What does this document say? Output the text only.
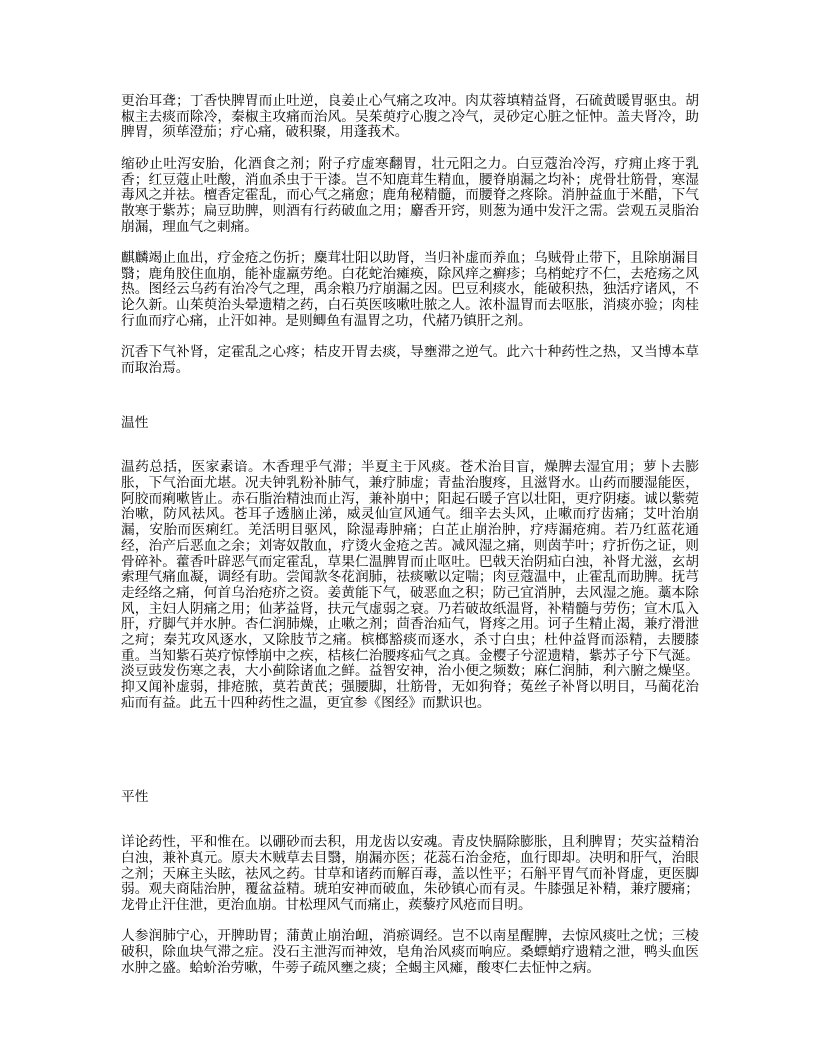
更治耳聋；丁香快脾胃而止吐逆，良姜止心气痛之攻冲。肉苁蓉填精益肾，石硫黄暖胃驱虫。胡椒主去痰而除冷，秦椒主攻痛而治风。吴茱萸疗心腹之冷气，灵砂定心脏之怔忡。盖夫肾冷，助脾胃，须荜澄茄；疗心痛，破积聚，用蓬莪术。

缩砂止吐泻安胎，化酒食之剂；附子疗虚寒翻胃，壮元阳之力。白豆蔻治冷泻，疗痈止疼于乳香；红豆蔻止吐酸，消血杀虫于干漆。岂不知鹿茸生精血，腰脊崩漏之均补；虎骨壮筋骨，寒湿毒风之并祛。檀香定霍乱，而心气之痛愈；鹿角秘精髓，而腰脊之疼除。消肿益血于米醋，下气散寒于紫苏；扁豆助脾，则酒有行药破血之用；麝香开窍，则葱为通中发汗之需。尝观五灵脂治崩漏，理血气之刺痛。

麒麟竭止血出，疗金疮之伤折；麋茸壮阳以助肾，当归补虚而养血；乌贼骨止带下，且除崩漏目翳；鹿角胶住血崩，能补虚羸劳绝。白花蛇治瘫痪，除风痒之癣疹；乌梢蛇疗不仁，去疮疡之风热。图经云乌药有治冷气之理，禹余粮乃疗崩漏之因。巴豆利痰水，能破积热，独活疗诸风，不论久新。山茱萸治头晕遗精之药，白石英医咳嗽吐脓之人。浓朴温胃而去呕胀，消痰亦验；肉桂行血而疗心痛，止汗如神。是则鲫鱼有温胃之功，代赭乃镇肝之剂。

沉香下气补肾，定霍乱之心疼；桔皮开胃去痰，导壅滞之逆气。此六十种药性之热，又当博本草而取治焉。

温性

温药总括，医家素谙。木香理乎气滞；半夏主于风痰。苍术治目盲，燥脾去湿宜用；萝卜去膨胀，下气治面尤堪。况夫钟乳粉补肺气，兼疗肺虚；青盐治腹疼，且滋肾水。山药而腰湿能医，阿胶而痢嗽皆止。赤石脂治精浊而止泻，兼补崩中；阳起石暖子宫以壮阳，更疗阴痿。诚以紫菀治嗽，防风祛风。苍耳子透脑止涕，威灵仙宣风通气。细辛去头风，止嗽而疗齿痛；艾叶治崩漏，安胎而医痢红。羌活明目驱风，除湿毒肿痛；白芷止崩治肿，疗痔漏疮痈。若乃红蓝花通经，治产后恶血之余；刘寄奴散血，疗烫火金疮之苦。减风湿之痛，则茵芋叶；疗折伤之证，则骨碎补。藿香叶辟恶气而定霍乱，草果仁温脾胃而止呕吐。巴戟天治阴疝白浊，补肾尤滋，玄胡索理气痛血凝，调经有助。尝闻款冬花润肺，祛痰嗽以定喘；肉豆蔻温中，止霍乱而助脾。抚芎走经络之痛，何首乌治疮疥之资。姜黄能下气，破恶血之积；防己宜消肿，去风湿之施。藁本除风，主妇人阴痛之用；仙茅益肾，扶元气虚弱之衰。乃若破故纸温肾，补精髓与劳伤；宣木瓜入肝，疗脚气并水肿。杏仁润肺燥，止嗽之剂；茴香治疝气，肾疼之用。诃子生精止渴，兼疗滑泄之疴；秦艽攻风逐水，又除肢节之痛。槟榔豁痰而逐水，杀寸白虫；杜仲益肾而添精，去腰膝重。当知紫石英疗惊悸崩中之疾，桔核仁治腰疼疝气之真。金樱子兮涩遗精，紫苏子兮下气涎。淡豆豉发伤寒之表，大小蓟除诸血之鲜。益智安神，治小便之频数；麻仁润肺，利六腑之燥坚。抑又闻补虚弱，排疮脓，莫若黄芪；强腰脚，壮筋骨，无如狗脊；菟丝子补肾以明目，马蔺花治疝而有益。此五十四种药性之温，更宜参《图经》而默识也。

平性

详论药性，平和惟在。以硼砂而去积，用龙齿以安魂。青皮快膈除膨胀，且利脾胃；芡实益精治白浊，兼补真元。原夫木贼草去目翳，崩漏亦医；花蕊石治金疮，血行即却。决明和肝气，治眼之剂；天麻主头眩，祛风之药。甘草和诸药而解百毒，盖以性平；石斛平胃气而补肾虚，更医脚弱。观夫商陆治肿，覆盆益精。琥珀安神而破血，朱砂镇心而有灵。牛膝强足补精，兼疗腰痛；龙骨止汗住泄，更治血崩。甘松理风气而痛止，蒺藜疗风疮而目明。

人参润肺宁心，开脾助胃；蒲黄止崩治衄，消瘀调经。岂不以南星醒脾，去惊风痰吐之忧；三棱破积，除血块气滞之症。没石主泄泻而神效，皂角治风痰而响应。桑螵蛸疗遗精之泄，鸭头血医水肿之盛。蛤蚧治劳嗽，牛蒡子疏风壅之痰；全蝎主风瘫，酸枣仁去怔忡之病。
